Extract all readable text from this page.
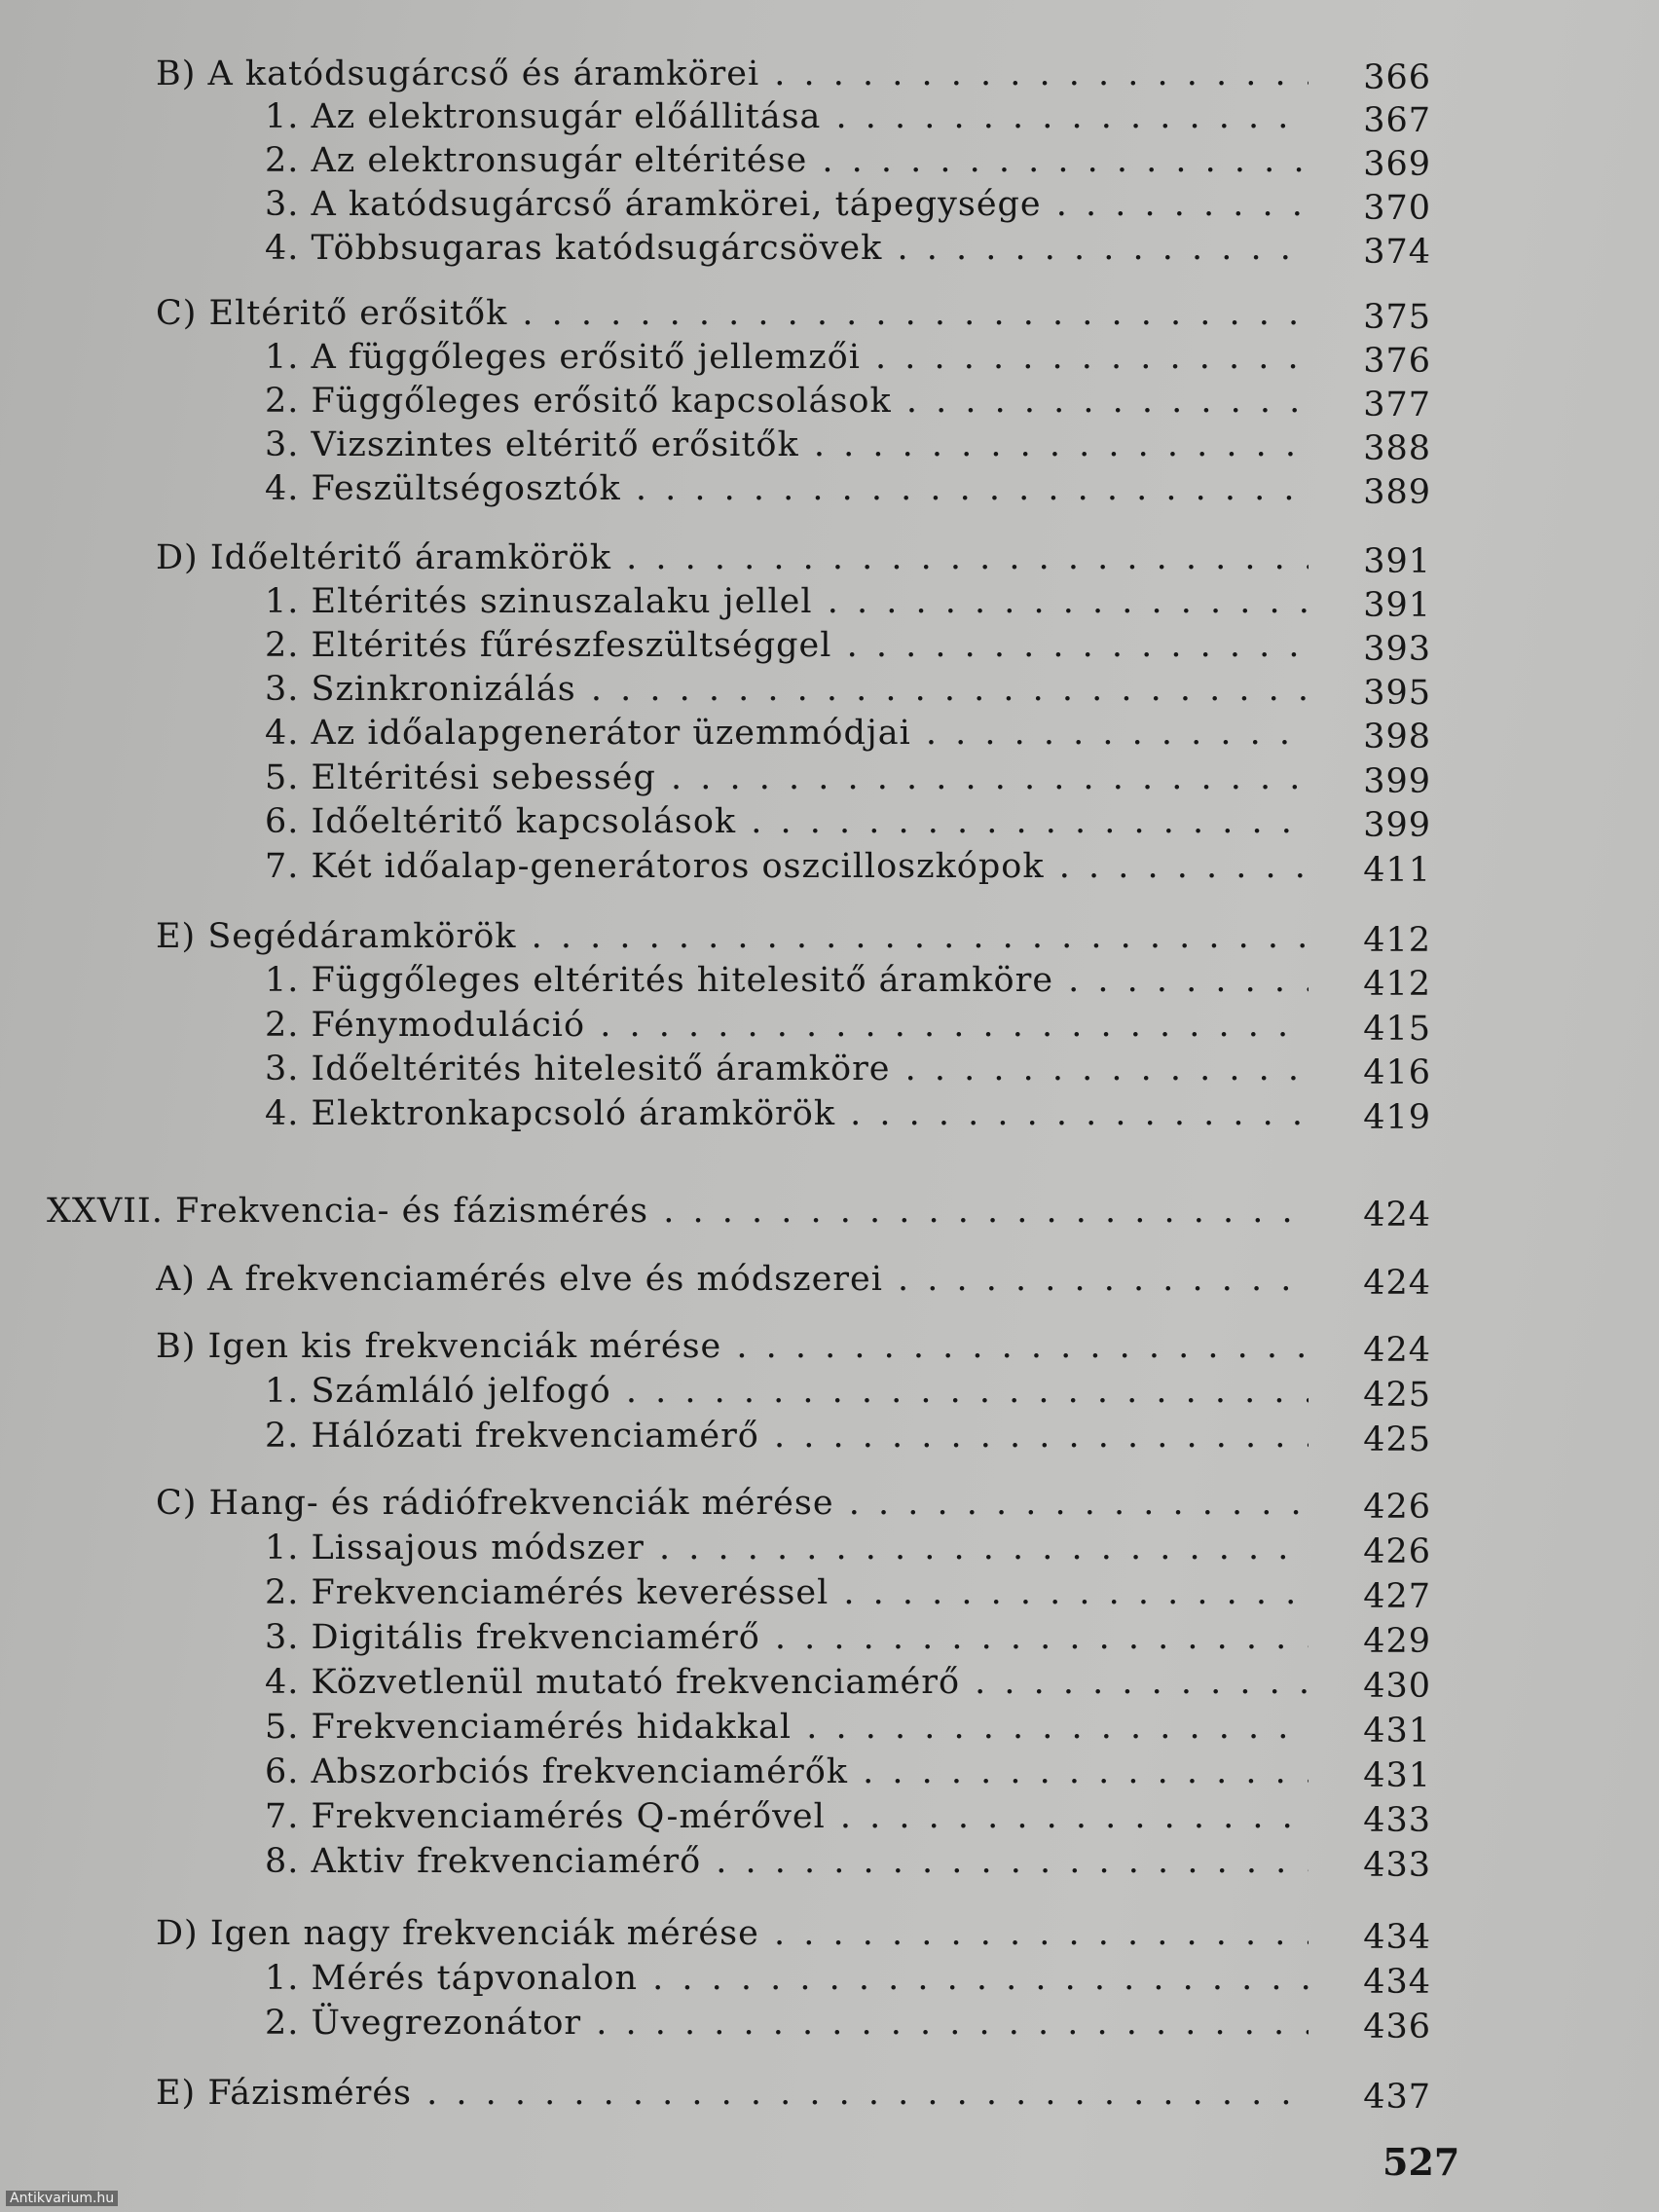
B) A katódsugárcső és áramkörei . . .	366
1. Az elektronsugár előállitása . . .	367
2. Az elektronsugár eltéritése . . .	369
3. A katódsugárcső áramkörei, tápegysége . . .	370
4. Többsugaras katódsugárcsövek . . .	374
C) Eltéritő erősitők . . .	375
1. A függőleges erősitő jellemzői . . .	376
2. Függőleges erősitő kapcsolások . . .	377
3. Vizszintes eltéritő erősitők . . .	388
4. Feszültségosztók . . .	389
D) Időeltéritő áramkörök . . .	391
1. Eltérités szinuszalaku jellel . . .	391
2. Eltérités fűrészfeszültséggel . . .	393
3. Szinkronizálás . . .	395
4. Az időalapgenerátor üzemmódjai . . .	398
5. Eltéritési sebesség . . .	399
6. Időeltéritő kapcsolások . . .	399
7. Két időalap-generátoros oszcilloszkópok . . .	411
E) Segédáramkörök . . .	412
1. Függőleges eltérités hitelesitő áramköre . . .	412
2. Fénymoduláció . . .	415
3. Időeltérités hitelesitő áramköre . . .	416
4. Elektronkapcsoló áramkörök . . .	419
XXVII. Frekvencia- és fázismérés . . .	424
A) A frekvenciamérés elve és módszerei . . .	424
B) Igen kis frekvenciák mérése . . .	424
1. Számláló jelfogó . . .	425
2. Hálózati frekvenciamérő . . .	425
C) Hang- és rádiófrekvenciák mérése . . .	426
1. Lissajous módszer . . .	426
2. Frekvenciamérés keveréssel . . .	427
3. Digitális frekvenciamérő . . .	429
4. Közvetlenül mutató frekvenciamérő . . .	430
5. Frekvenciamérés hidakkal . . .	431
6. Abszorbciós frekvenciamérők . . .	431
7. Frekvenciamérés Q-mérővel . . .	433
8. Aktiv frekvenciamérő . . .	433
D) Igen nagy frekvenciák mérése . . .	434
1. Mérés tápvonalon . . .	434
2. Üvegrezonátor . . .	436
E) Fázismérés . . .	437
527
Antikvarium.hu
